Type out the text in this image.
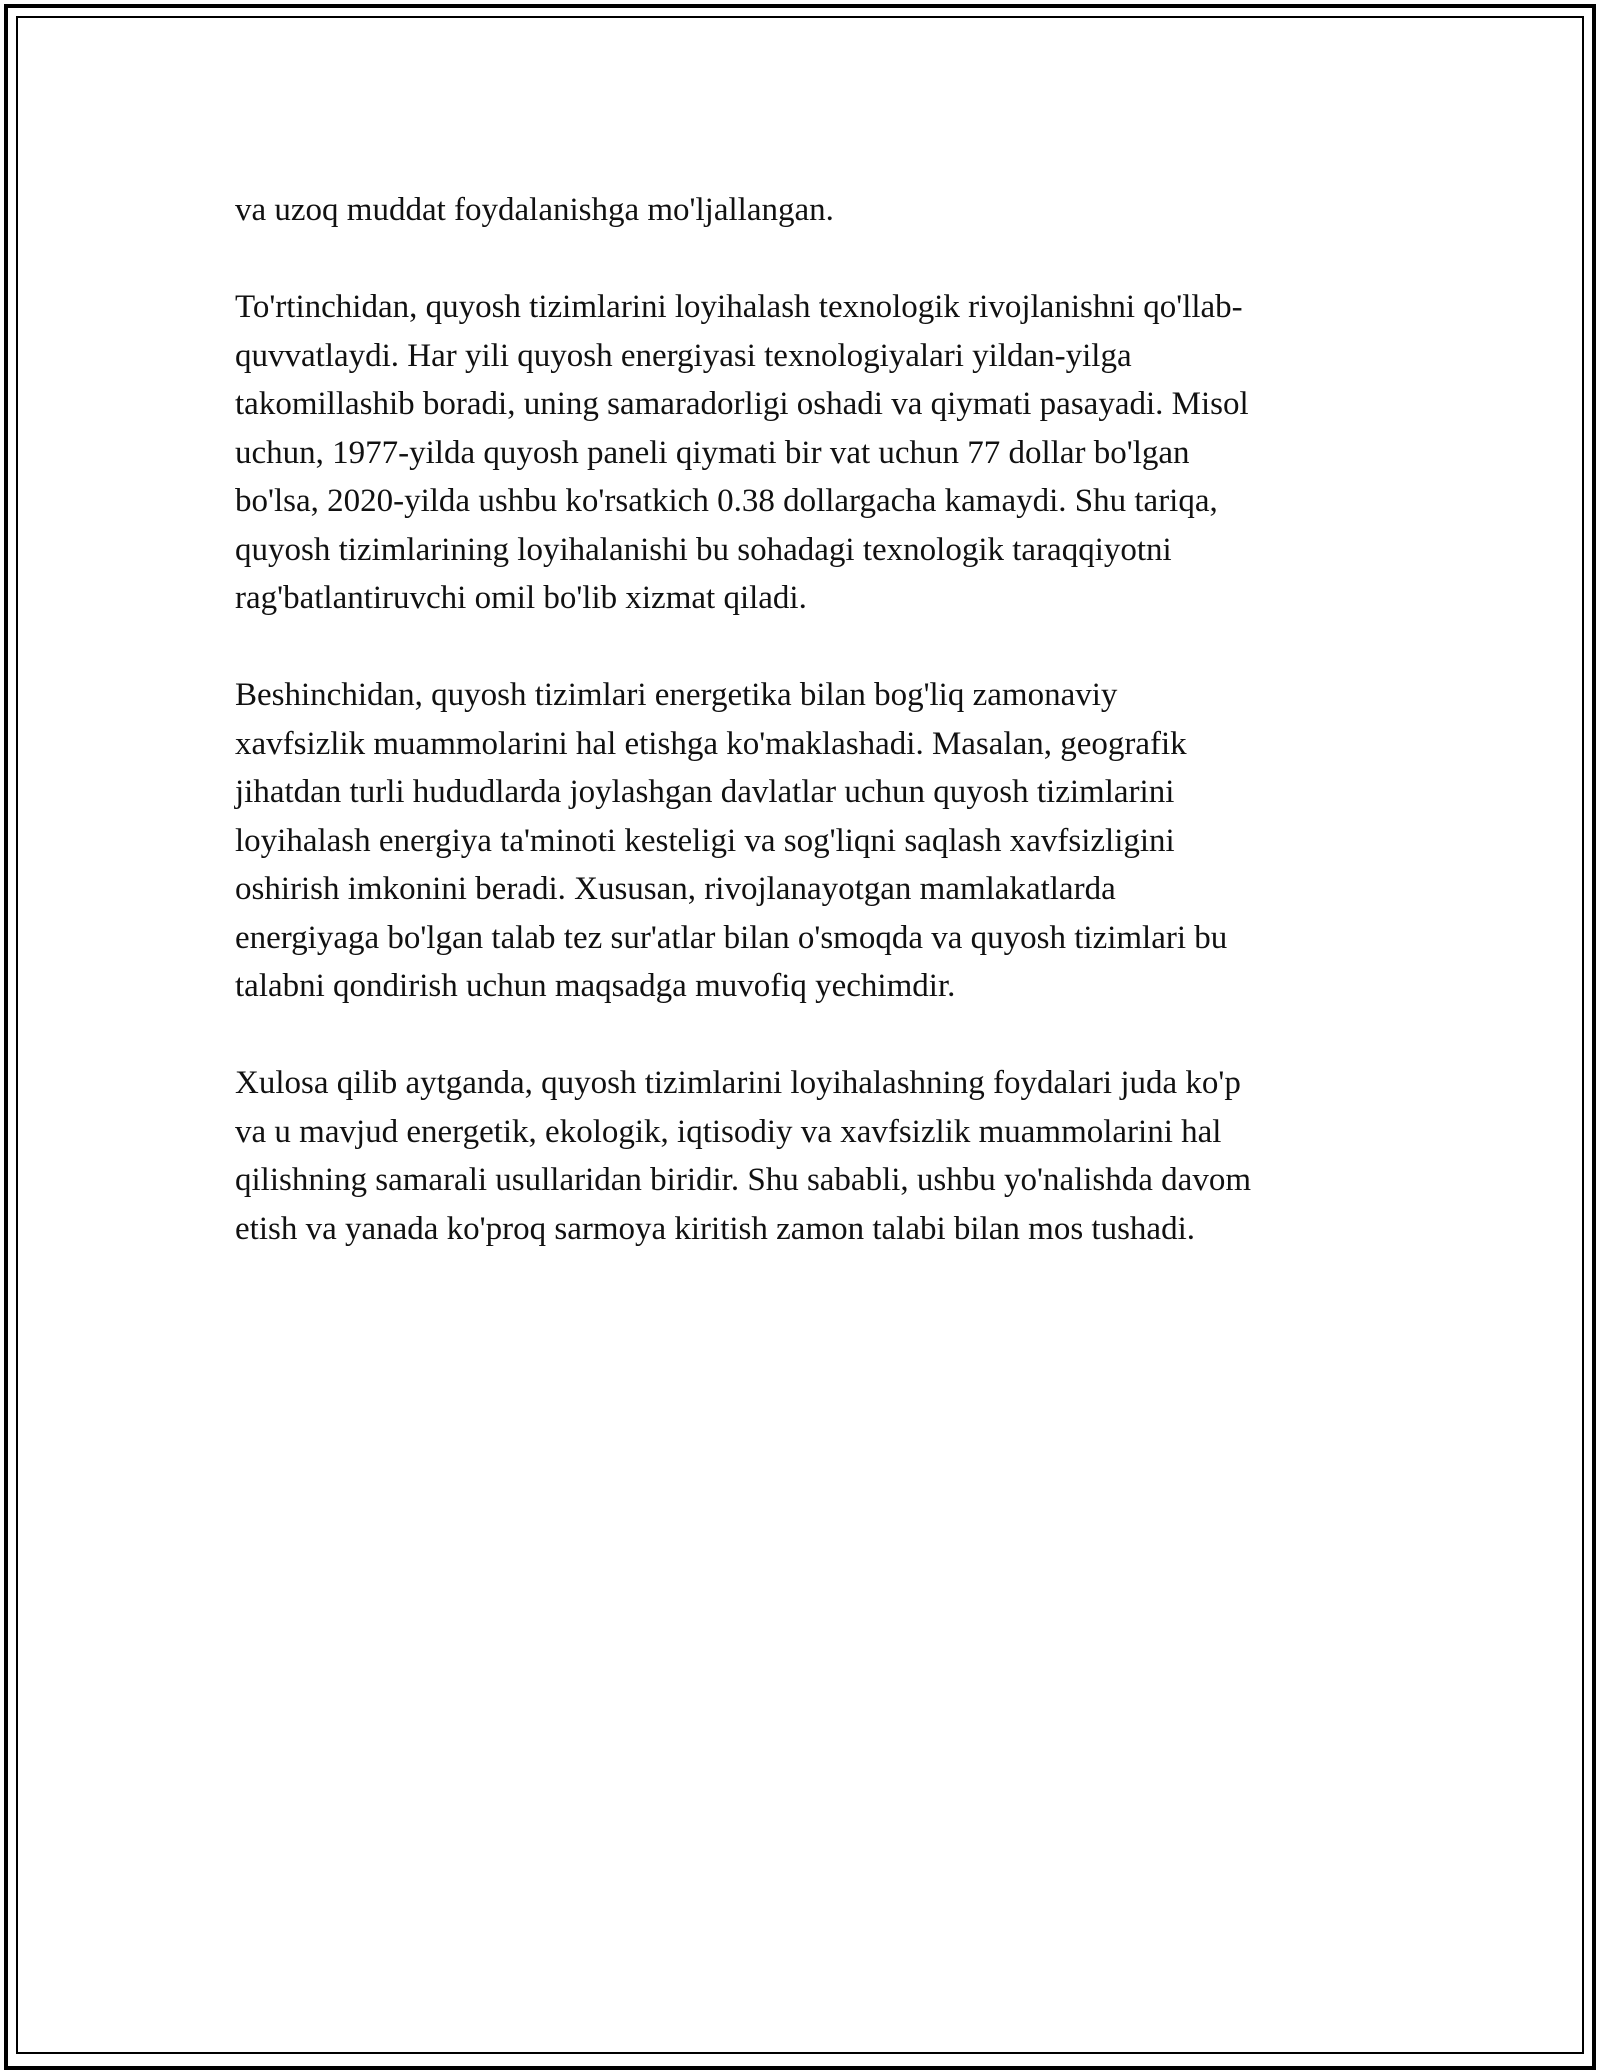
va uzoq muddat foydalanishga mo'ljallangan.

To'rtinchidan, quyosh tizimlarini loyihalash texnologik rivojlanishni qo'llab-
quvvatlaydi. Har yili quyosh energiyasi texnologiyalari yildan-yilga
takomillashib boradi, uning samaradorligi oshadi va qiymati pasayadi. Misol
uchun, 1977-yilda quyosh paneli qiymati bir vat uchun 77 dollar bo'lgan
bo'lsa, 2020-yilda ushbu ko'rsatkich 0.38 dollargacha kamaydi. Shu tariqa,
quyosh tizimlarining loyihalanishi bu sohadagi texnologik taraqqiyotni
rag'batlantiruvchi omil bo'lib xizmat qiladi.

Beshinchidan, quyosh tizimlari energetika bilan bog'liq zamonaviy
xavfsizlik muammolarini hal etishga ko'maklashadi. Masalan, geografik
jihatdan turli hududlarda joylashgan davlatlar uchun quyosh tizimlarini
loyihalash energiya ta'minoti kesteligi va sog'liqni saqlash xavfsizligini
oshirish imkonini beradi. Xususan, rivojlanayotgan mamlakatlarda
energiyaga bo'lgan talab tez sur'atlar bilan o'smoqda va quyosh tizimlari bu
talabni qondirish uchun maqsadga muvofiq yechimdir.

Xulosa qilib aytganda, quyosh tizimlarini loyihalashning foydalari juda ko'p
va u mavjud energetik, ekologik, iqtisodiy va xavfsizlik muammolarini hal
qilishning samarali usullaridan biridir. Shu sababli, ushbu yo'nalishda davom
etish va yanada ko'proq sarmoya kiritish zamon talabi bilan mos tushadi.
